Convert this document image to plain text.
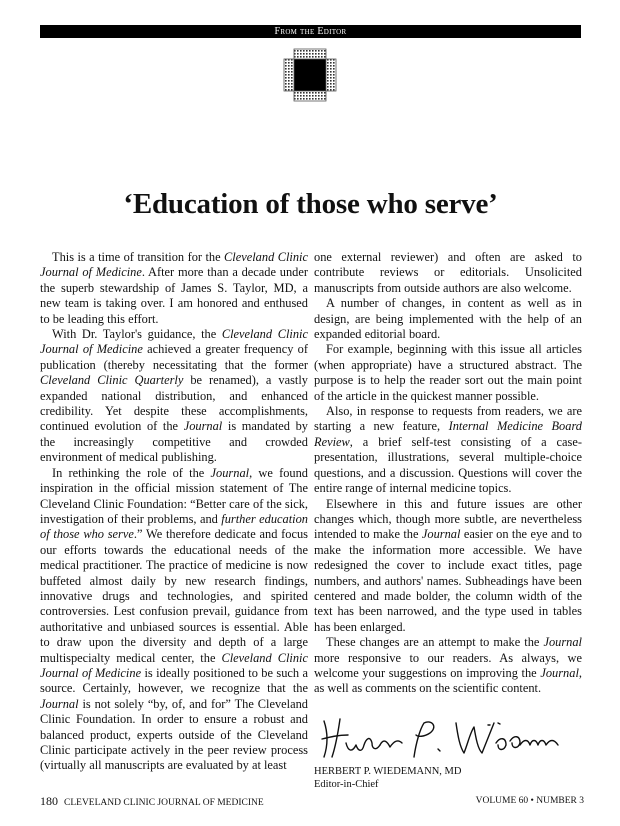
From the Editor
‘Education of those who serve’

This is a time of transition for the Cleveland Clinic Journal of Medicine. After more than a decade under the superb stewardship of James S. Taylor, MD, a new team is taking over. I am honored and enthused to be leading this effort.

With Dr. Taylor's guidance, the Cleveland Clinic Journal of Medicine achieved a greater frequency of publication (thereby necessitating that the former Cleveland Clinic Quarterly be renamed), a vastly expanded national distribution, and enhanced credibility. Yet despite these accomplishments, continued evolution of the Journal is mandated by the increasingly competitive and crowded environment of medical publishing.

In rethinking the role of the Journal, we found inspiration in the official mission statement of The Cleveland Clinic Foundation: “Better care of the sick, investigation of their problems, and further education of those who serve.” We therefore dedicate and focus our efforts towards the educational needs of the medical practitioner. The practice of medicine is now buffeted almost daily by new research findings, innovative drugs and technologies, and spirited controversies. Lest confusion prevail, guidance from authoritative and unbiased sources is essential. Able to draw upon the diversity and depth of a large multispecialty medical center, the Cleveland Clinic Journal of Medicine is ideally positioned to be such a source. Certainly, however, we recognize that the Journal is not solely “by, of, and for” The Cleveland Clinic Foundation. In order to ensure a robust and balanced product, experts outside of the Cleveland Clinic participate actively in the peer review process (virtually all manuscripts are evaluated by at least

one external reviewer) and often are asked to contribute reviews or editorials. Unsolicited manuscripts from outside authors are also welcome.

A number of changes, in content as well as in design, are being implemented with the help of an expanded editorial board.

For example, beginning with this issue all articles (when appropriate) have a structured abstract. The purpose is to help the reader sort out the main point of the article in the quickest manner possible.

Also, in response to requests from readers, we are starting a new feature, Internal Medicine Board Review, a brief self-test consisting of a case-presentation, illustrations, several multiple-choice questions, and a discussion. Questions will cover the entire range of internal medicine topics.

Elsewhere in this and future issues are other changes which, though more subtle, are nevertheless intended to make the Journal easier on the eye and to make the information more accessible. We have redesigned the cover to include exact titles, page numbers, and authors' names. Subheadings have been centered and made bolder, the column width of the text has been narrowed, and the type used in tables has been enlarged.

These changes are an attempt to make the Journal more responsive to our readers. As always, we welcome your suggestions on improving the Journal, as well as comments on the scientific content.

HERBERT P. WIEDEMANN, MD
Editor-in-Chief
180 CLEVELAND CLINIC JOURNAL OF MEDICINE	VOLUME 60 • NUMBER 3
